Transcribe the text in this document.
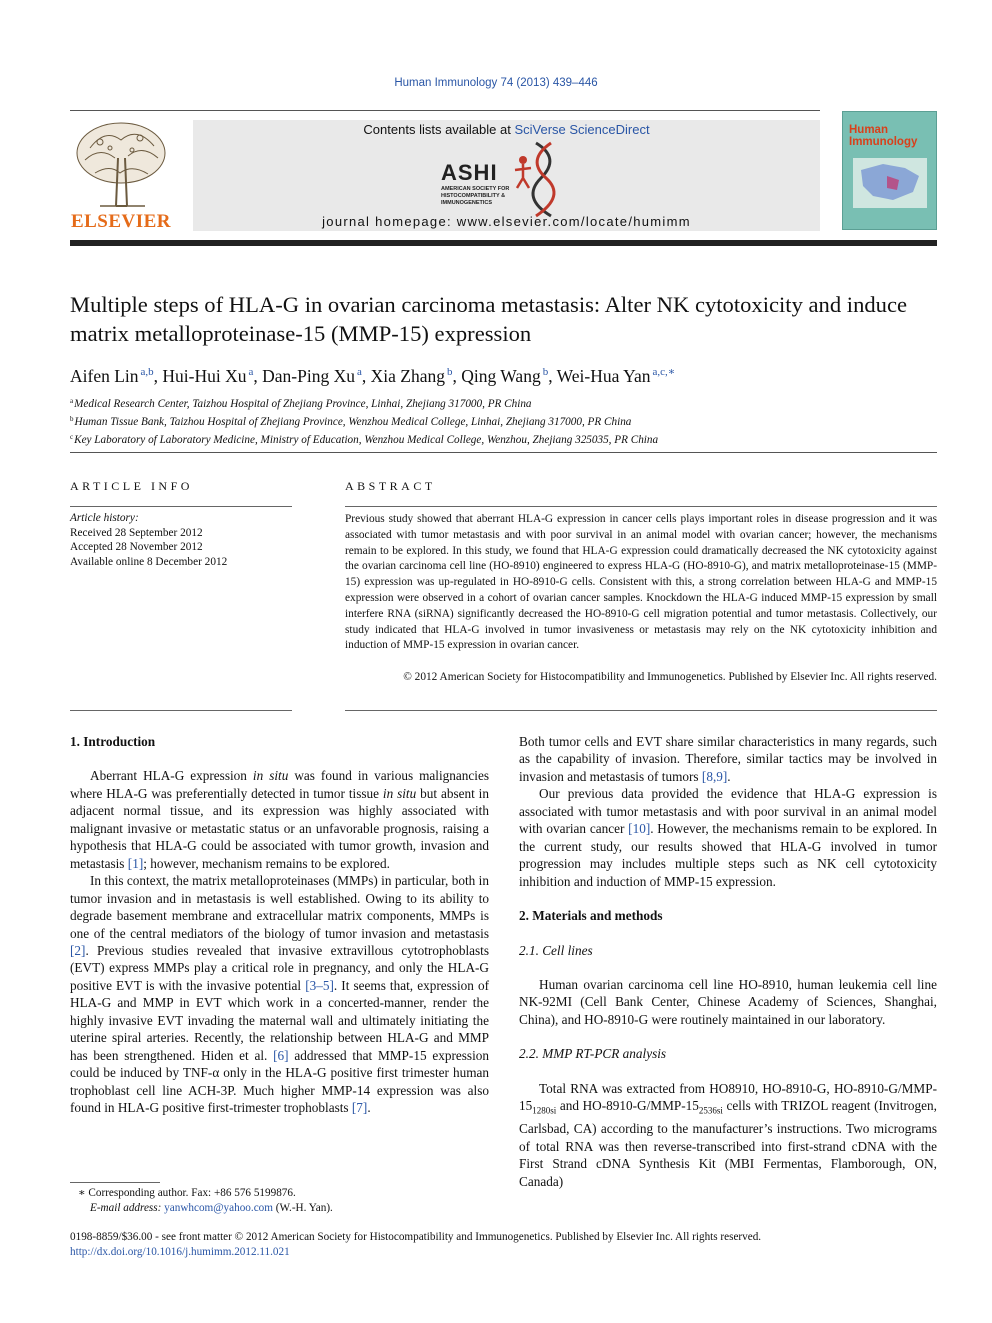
Human Immunology 74 (2013) 439–446
ELSEVIER
Contents lists available at SciVerse ScienceDirect
ASHI
AMERICAN SOCIETY FOR HISTOCOMPATIBILITY & IMMUNOGENETICS
journal homepage: www.elsevier.com/locate/humimm
Human Immunology
Multiple steps of HLA-G in ovarian carcinoma metastasis: Alter NK cytotoxicity and induce matrix metalloproteinase-15 (MMP-15) expression
Aifen Lin $^{a,b}$, Hui-Hui Xu $^a$, Dan-Ping Xu $^a$, Xia Zhang $^b$, Qing Wang $^b$, Wei-Hua Yan $^{a,c,∗}$
$^a$Medical Research Center, Taizhou Hospital of Zhejiang Province, Linhai, Zhejiang 317000, PR China
$^b$Human Tissue Bank, Taizhou Hospital of Zhejiang Province, Wenzhou Medical College, Linhai, Zhejiang 317000, PR China
$^c$Key Laboratory of Laboratory Medicine, Ministry of Education, Wenzhou Medical College, Wenzhou, Zhejiang 325035, PR China
ARTICLE INFO
Article history:
Received 28 September 2012
Accepted 28 November 2012
Available online 8 December 2012
ABSTRACT
Previous study showed that aberrant HLA-G expression in cancer cells plays important roles in disease progression and it was associated with tumor metastasis and with poor survival in an animal model with ovarian cancer; however, the mechanisms remain to be explored. In this study, we found that HLA-G expression could dramatically decreased the NK cytotoxicity against the ovarian carcinoma cell line (HO-8910) engineered to express HLA-G (HO-8910-G), and matrix metalloproteinase-15 (MMP-15) expression was up-regulated in HO-8910-G cells. Consistent with this, a strong correlation between HLA-G and MMP-15 expression were observed in a cohort of ovarian cancer samples. Knockdown the HLA-G induced MMP-15 expression by small interfere RNA (siRNA) significantly decreased the HO-8910-G cell migration potential and tumor metastasis. Collectively, our study indicated that HLA-G involved in tumor invasiveness or metastasis may rely on the NK cytotoxicity inhibition and induction of MMP-15 expression in ovarian cancer.
© 2012 American Society for Histocompatibility and Immunogenetics. Published by Elsevier Inc. All rights reserved.
1. Introduction

Aberrant HLA-G expression in situ was found in various malignancies where HLA-G was preferentially detected in tumor tissue in situ but absent in adjacent normal tissue, and its expression was highly associated with malignant invasive or metastatic status or an unfavorable prognosis, raising a hypothesis that HLA-G could be associated with tumor growth, invasion and metastasis [1]; however, mechanism remains to be explored.

In this context, the matrix metalloproteinases (MMPs) in particular, both in tumor invasion and in metastasis is well established. Owing to its ability to degrade basement membrane and extracellular matrix components, MMPs is one of the central mediators of the biology of tumor invasion and metastasis [2]. Previous studies revealed that invasive extravillous cytotrophoblasts (EVT) express MMPs play a critical role in pregnancy, and only the HLA-G positive EVT is with the invasive potential [3–5]. It seems that, expression of HLA-G and MMP in EVT which work in a concerted-manner, render the highly invasive EVT invading the maternal wall and ultimately initiating the uterine spiral arteries. Recently, the relationship between HLA-G and MMP has been strengthened. Hiden et al. [6] addressed that MMP-15 expression could be induced by TNF-α only in the HLA-G positive first trimester human trophoblast cell line ACH-3P. Much higher MMP-14 expression was also found in HLA-G positive first-trimester trophoblasts [7].

Both tumor cells and EVT share similar characteristics in many regards, such as the capability of invasion. Therefore, similar tactics may be involved in invasion and metastasis of tumors [8,9].

Our previous data provided the evidence that HLA-G expression is associated with tumor metastasis and with poor survival in an animal model with ovarian cancer [10]. However, the mechanisms remain to be explored. In the current study, our results showed that HLA-G involved in tumor progression may includes multiple steps such as NK cell cytotoxicity inhibition and induction of MMP-15 expression.

2. Materials and methods
2.1. Cell lines

Human ovarian carcinoma cell line HO-8910, human leukemia cell line NK-92MI (Cell Bank Center, Chinese Academy of Sciences, Shanghai, China), and HO-8910-G were routinely maintained in our laboratory.

2.2. MMP RT-PCR analysis

Total RNA was extracted from HO8910, HO-8910-G, $HO-8910-G/MMP-15_{1280si}$ and $HO-8910-G/MMP-15_{2536si}$ cells with TRIZOL reagent (Invitrogen, Carlsbad, CA) according to the manufacturer’s instructions. Two micrograms of total RNA was then reverse-transcribed into first-strand cDNA with the First Strand cDNA Synthesis Kit (MBI Fermentas, Flamborough, ON, Canada)

∗ Corresponding author. Fax: +86 576 5199876.
E-mail address: yanwhcom@yahoo.com (W.-H. Yan).
0198-8859/$36.00 - see front matter © 2012 American Society for Histocompatibility and Immunogenetics. Published by Elsevier Inc. All rights reserved.
http://dx.doi.org/10.1016/j.humimm.2012.11.021
